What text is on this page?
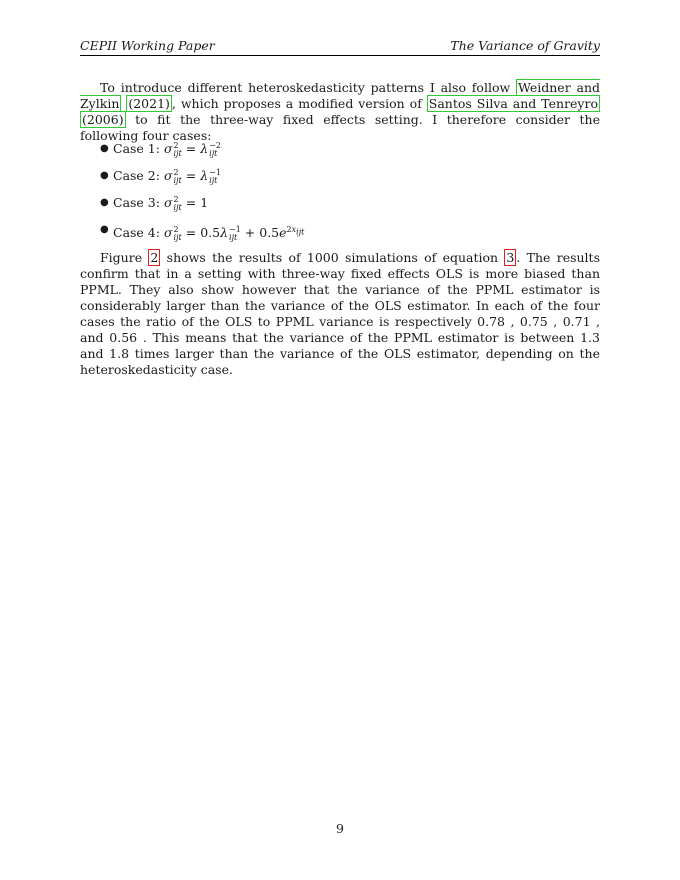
CEPII Working Paper	The Variance of Gravity

To introduce different heteroskedasticity patterns I also follow Weidner and Zylkin (2021) , which proposes a modified version of Santos Silva and Tenreyro (2006) to fit the three-way fixed effects setting. I therefore consider the following four cases:

● Case 1: σ 2
ijt = λ −2
ijt
● Case 2: σ 2
ijt = λ −1
ijt
● Case 3: σ 2
ijt = 1
● Case 4: σ 2
ijt = 0.5λ −1
ijt + $0.5e^{2x_{ijt}}$

Figure 2 shows the results of 1000 simulations of equation 3 . The results confirm that in a setting with three-way fixed effects OLS is more biased than PPML. They also show however that the variance of the PPML estimator is considerably larger than the variance of the OLS estimator. In each of the four cases the ratio of the OLS to PPML variance is respectively 0.78 , 0.75 , 0.71 , and 0.56 . This means that the variance of the PPML estimator is between 1.3 and 1.8 times larger than the variance of the OLS estimator, depending on the heteroskedasticity case.

9
